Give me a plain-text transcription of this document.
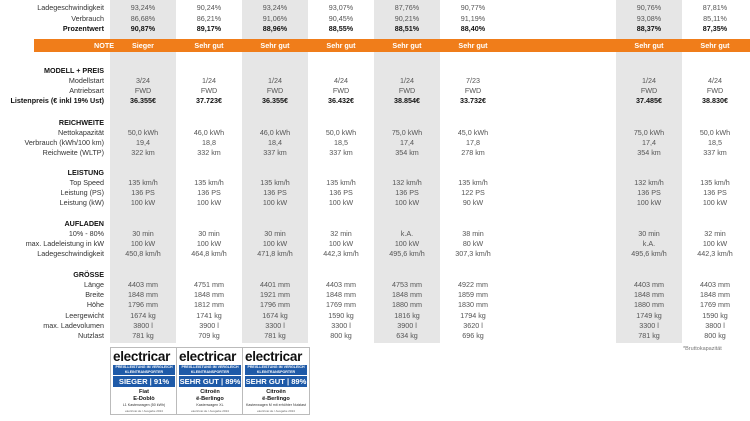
Ladegeschwindigkeit	93,24%	90,24%	93,24%	93,07%	87,76%	90,77%	90,76%	87,81%
Verbrauch	86,68%	86,21%	91,06%	90,45%	90,21%	91,19%	93,08%	85,11%
Prozentwert	90,87%	89,17%	88,96%	88,55%	88,51%	88,40%	88,37%	87,35%
MODELL + PREIS
Modellstart	3/24	1/24	1/24	4/24	1/24	7/23	1/24	4/24
Antriebsart	FWD	FWD	FWD	FWD	FWD	FWD	FWD	FWD
Listenpreis (€ inkl 19% Ust)	36.355€	37.723€	36.355€	36.432€	38.854€	33.732€	37.485€	38.830€
REICHWEITE
Nettokapazität	50,0 kWh	46,0 kWh	46,0 kWh	50,0 kWh	75,0 kWh	45,0 kWh	75,0 kWh	50,0 kWh
Verbrauch (kWh/100 km)	19,4	18,8	18,4	18,5	17,4	17,8	17,4	18,5
Reichweite (WLTP)	322 km	332 km	337 km	337 km	354 km	278 km	354 km	337 km
LEISTUNG
Top Speed	135 km/h	135 km/h	135 km/h	135 km/h	132 km/h	135 km/h	132 km/h	135 km/h
Leistung (PS)	136 PS	136 PS	136 PS	136 PS	136 PS	122 PS	136 PS	136 PS
Leistung (kW)	100 kW	100 kW	100 kW	100 kW	100 kW	90 kW	100 kW	100 kW
AUFLADEN
10% - 80%	30 min	30 min	30 min	32 min	k.A.	38 min	30 min	32 min
max. Ladeleistung in kW	100 kW	100 kW	100 kW	100 kW	100 kW	80 kW	k.A.	100 kW
Ladegeschwindigkeit	450,8 km/h	464,8 km/h	471,8 km/h	442,3 km/h	495,6 km/h	307,3 km/h	495,6 km/h	442,3 km/h
GRÖSSE
Länge	4403 mm	4751 mm	4401 mm	4403 mm	4753 mm	4922 mm	4403 mm	4403 mm
Breite	1848 mm	1848 mm	1921 mm	1848 mm	1848 mm	1859 mm	1848 mm	1848 mm
Höhe	1796 mm	1812 mm	1796 mm	1769 mm	1880 mm	1830 mm	1880 mm	1769 mm
Leergewicht	1674 kg	1741 kg	1674 kg	1590 kg	1816 kg	1794 kg	1749 kg	1590 kg
max. Ladevolumen	3800 l	3900 l	3300 l	3300 l	3900 l	3620 l	3300 l	3800 l
Nutzlast	781 kg	709 kg	781 kg	800 kg	634 kg	696 kg	781 kg	800 kg
*Bruttokapazität
electricar
PREIS-LEISTUNG IM VERGLEICH KLEINTRANSPORTER
SIEGER | 91%
Fiat
E-Doblò
L1 Kastenwagen (50 kWh)
electricar.de / Ausgabe 2024
electricar
PREIS-LEISTUNG IM VERGLEICH KLEINTRANSPORTER
SEHR GUT | 89%
Citroën
ë-Berlingo
Kastenwagen XL
electricar.de / Ausgabe 2024
electricar
PREIS-LEISTUNG IM VERGLEICH KLEINTRANSPORTER
SEHR GUT | 89%
Citroën
ë-Berlingo
Kastenwagen M mit erhöhter Nutzlast
electricar.de / Ausgabe 2024
NOTE	Sieger	Sehr gut	Sehr gut	Sehr gut	Sehr gut	Sehr gut	Sehr gut	Sehr gut
